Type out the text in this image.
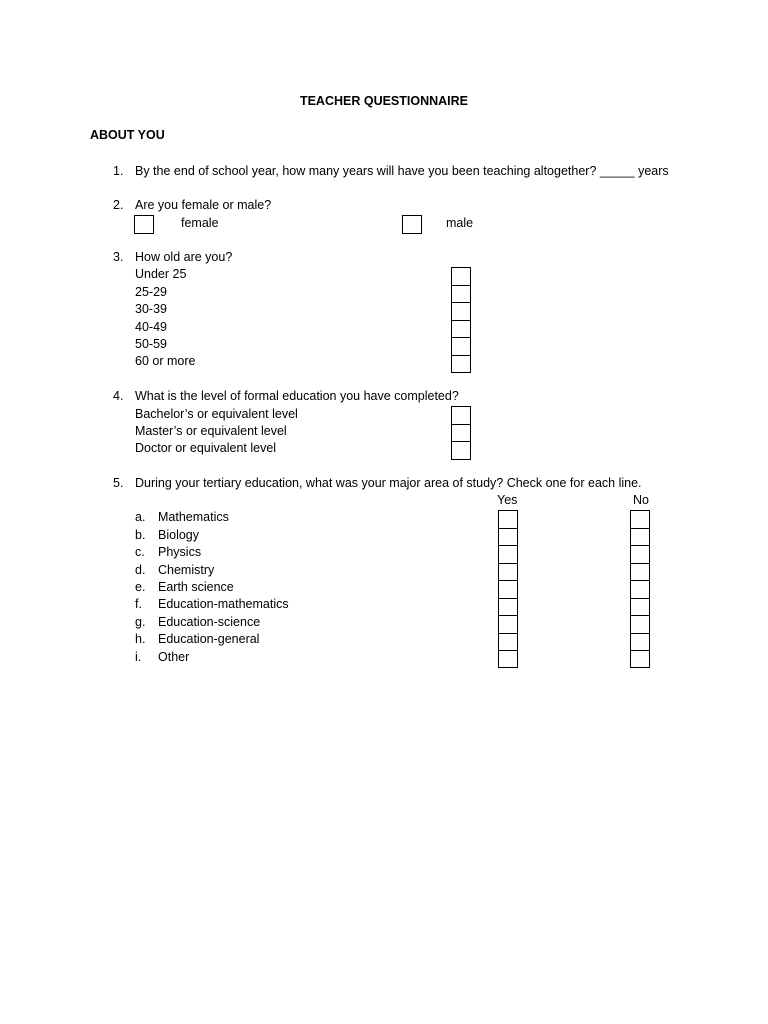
TEACHER QUESTIONNAIRE
ABOUT YOU
1. By the end of school year, how many years will have you been teaching altogether? _____ years
2. Are you female or male?
female	male
3. How old are you?
Under 25
25-29
30-39
40-49
50-59
60 or more
4. What is the level of formal education you have completed?
Bachelor’s or equivalent level
Master’s or equivalent level
Doctor or equivalent level
5. During your tertiary education, what was your major area of study? Check one for each line.
Yes	No
a. Mathematics
b. Biology
c. Physics
d. Chemistry
e. Earth science
f. Education-mathematics
g. Education-science
h. Education-general
i. Other
